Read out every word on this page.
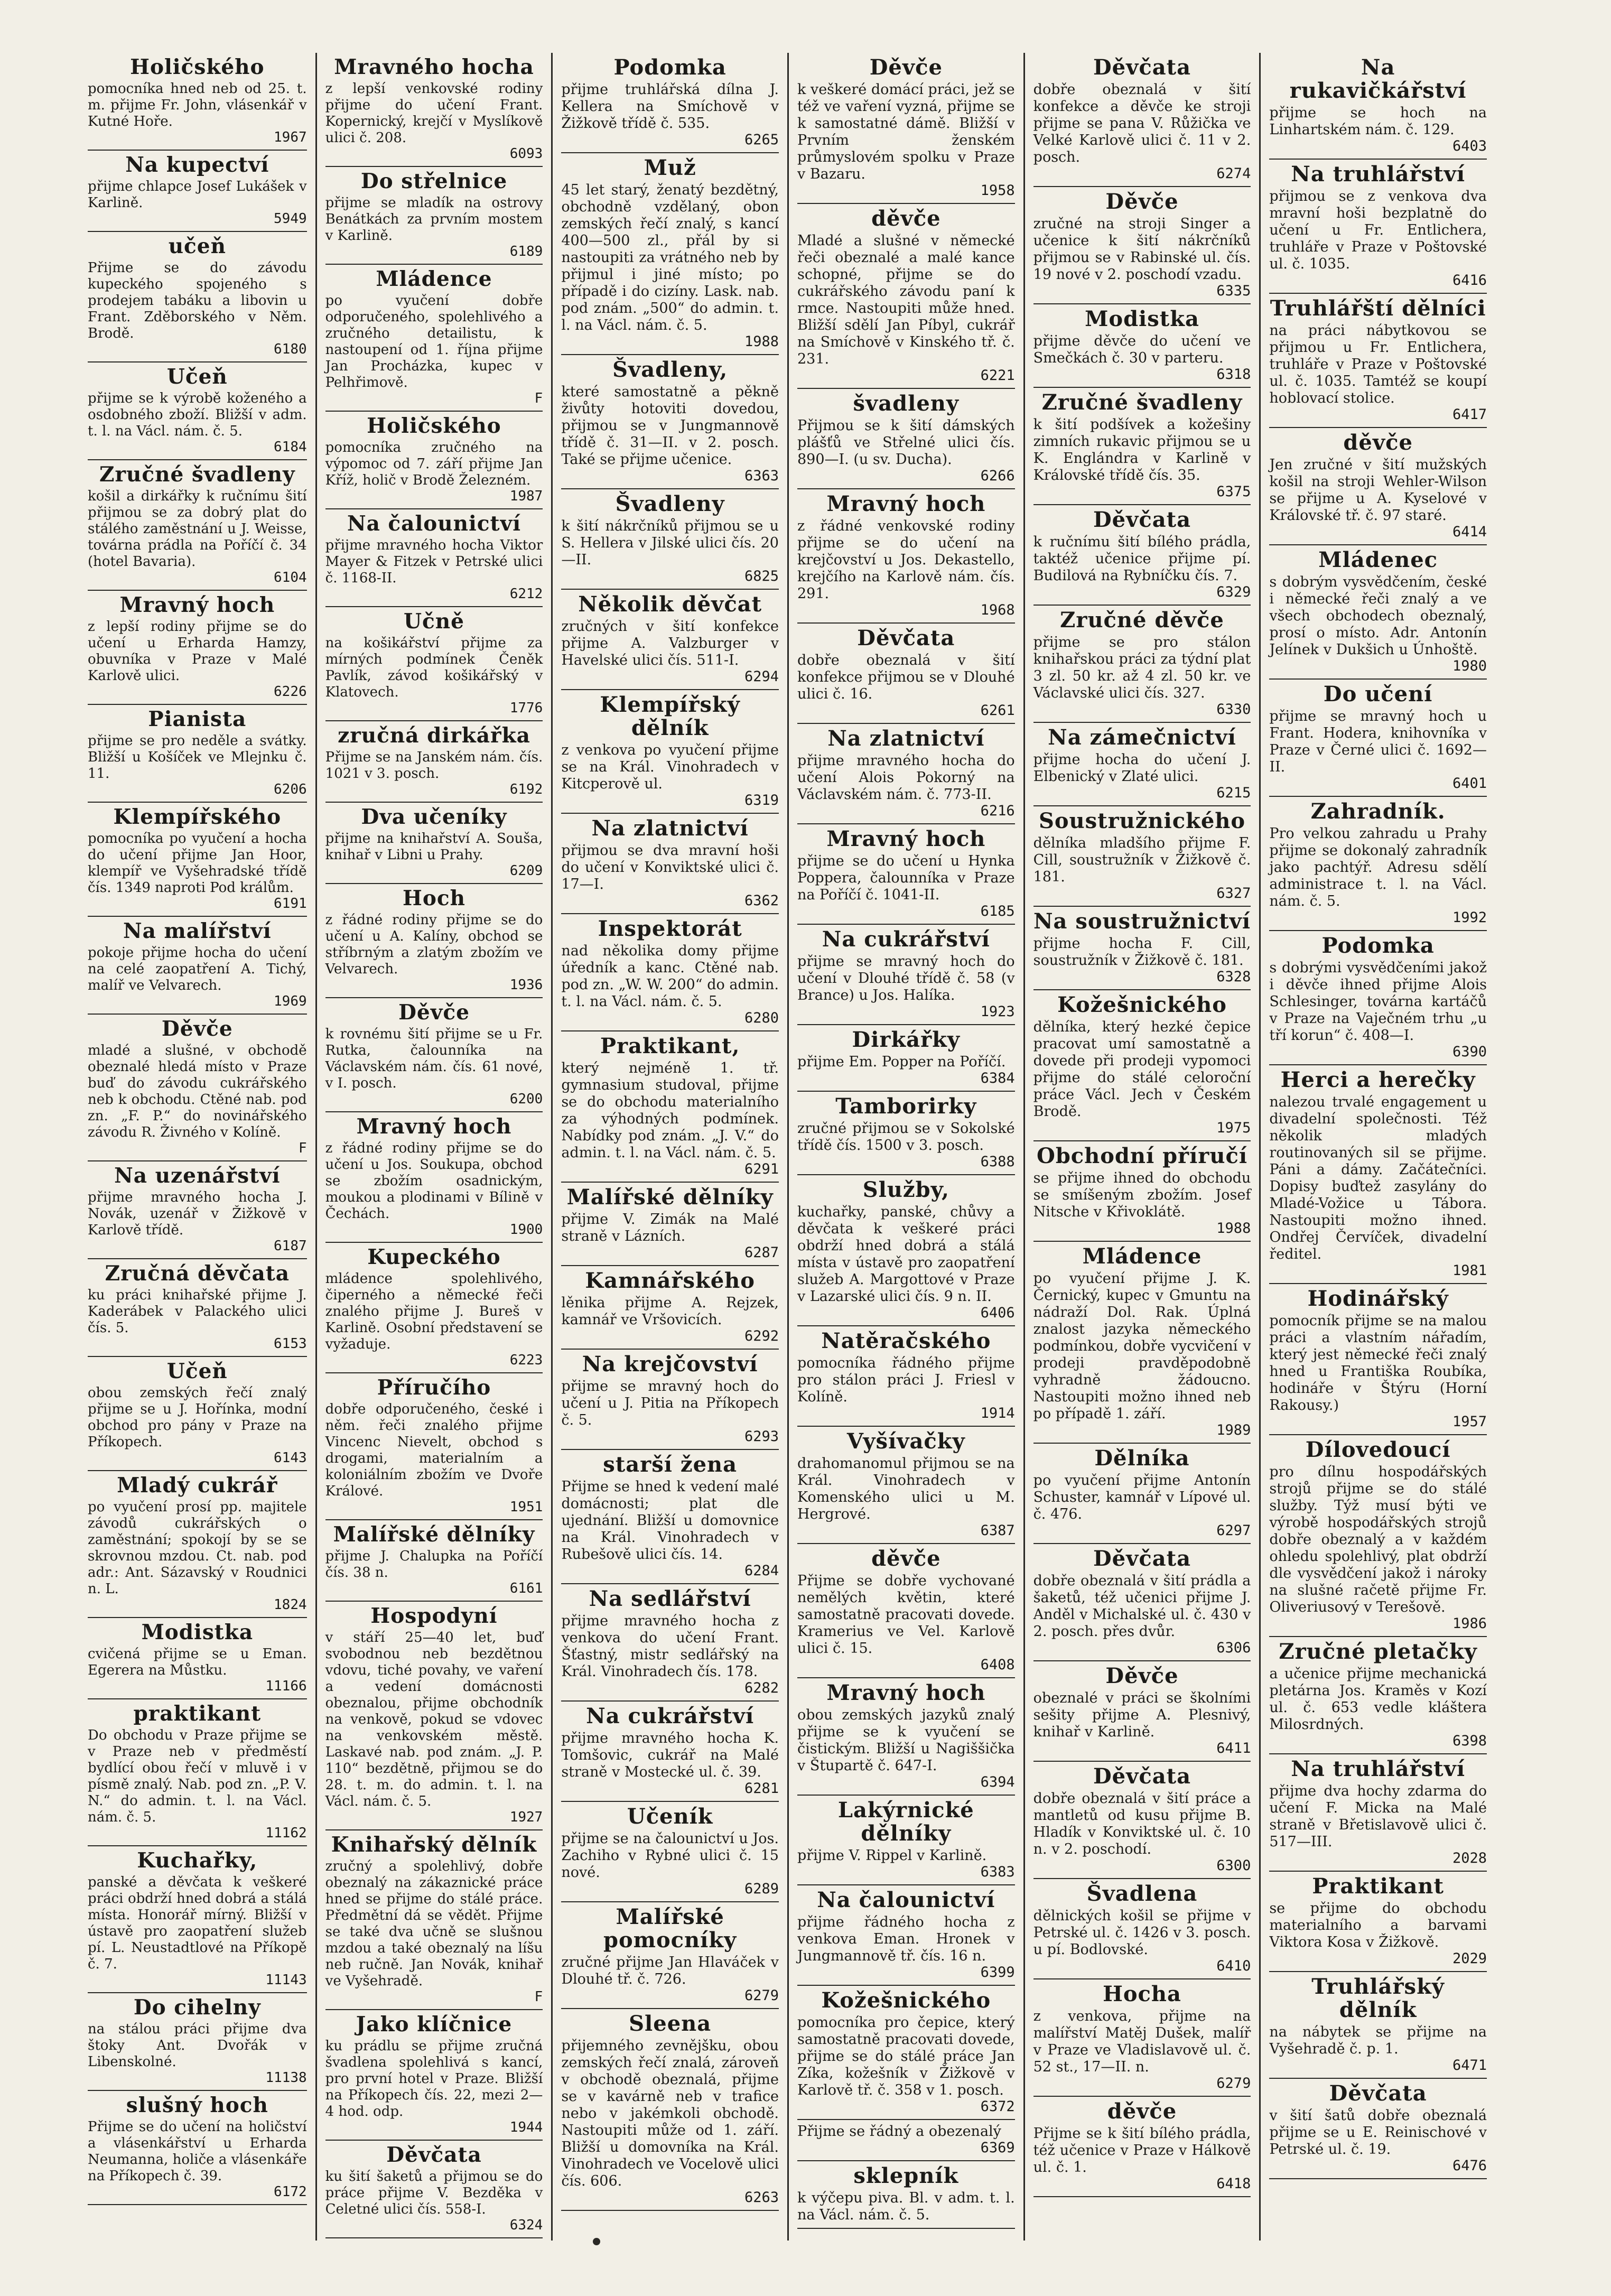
Holičského

pomocníka hned neb od 25. t. m. přijme Fr. John, vlásenkář v Kutné Hoře.

1967
Na kupectví

přijme chlapce Josef Lukášek v Karlině.

5949
učeň

Přijme se do závodu kupeckého spojeného s prodejem tabáku a libovin u Frant. Zděborského v Něm. Brodě.

6180
Učeň

přijme se k výrobě koženého a osdobného zboží. Bližší v adm. t. l. na Václ. nám. č. 5.

6184
Zručné švadleny

košil a dirkářky k ručnímu šití přijmou se za dobrý plat do stálého zaměstnání u J. Weisse, továrna prádla na Poříčí č. 34 (hotel Bavaria).

6104
Mravný hoch

z lepší rodiny přijme se do učení u Erharda Hamzy, obuvníka v Praze v Malé Karlově ulici.

6226
Pianista

přijme se pro neděle a svátky. Bližší u Košíček ve Mlejnku č. 11.

6206
Klempířského

pomocníka po vyučení a hocha do učení přijme Jan Hoor, klempíř ve Vyšehradské třídě čís. 1349 naproti Pod králům.

6191
Na malířství

pokoje přijme hocha do učení na celé zaopatření A. Tichý, malíř ve Velvarech.

1969
Děvče

mladé a slušné, v obchodě obeznalé hledá místo v Praze buď do závodu cukrářského neb k obchodu. Ctěné nab. pod zn. „F. P.“ do novinářského závodu R. Živného v Kolíně.

F
Na uzenářství

přijme mravného hocha J. Novák, uzenář v Žižkově v Karlově třídě.

6187
Zručná děvčata

ku práci knihařské přijme J. Kaderábek v Palackého ulici čís. 5.

6153
Učeň

obou zemských řečí znalý přijme se u J. Hořínka, modní obchod pro pány v Praze na Příkopech.

6143
Mladý cukrář

po vyučení prosí pp. majitele závodů cukrářských o zaměstnání; spokojí by se se skrovnou mzdou. Ct. nab. pod adr.: Ant. Sázavský v Roudnici n. L.

1824
Modistka

cvičená přijme se u Eman. Egerera na Můstku.

11166
praktikant

Do obchodu v Praze přijme se v Praze neb v předměstí bydlící obou řečí v mluvě i v písmě znalý. Nab. pod zn. „P. V. N.“ do admin. t. l. na Václ. nám. č. 5.

11162
Kuchařky,

panské a děvčata k veškeré práci obdrží hned dobrá a stálá místa. Honorář mírný. Bližší v ústavě pro zaopatření služeb pí. L. Neustadtlové na Příkopě č. 7.

11143
Do cihelny

na stálou práci přijme dva štoky Ant. Dvořák v Libenskolné.

11138
slušný hoch

Přijme se do učení na holičství a vlásenkářství u Erharda Neumanna, holiče a vlásenkáře na Příkopech č. 39.

6172
Mravného hocha

z lepší venkovské rodiny přijme do učení Frant. Kopernický, krejčí v Myslíkově ulici č. 208.

6093
Do střelnice

přijme se mladík na ostrovy Benátkách za prvním mostem v Karlině.

6189
Mládence

po vyučení dobře odporučeného, spolehlivého a zručného detailistu, k nastoupení od 1. října přijme Jan Procházka, kupec v Pelhřimově.

F
Holičského

pomocníka zručného na výpomoc od 7. září přijme Jan Kříž, holič v Brodě Železném.

1987
Na čalounictví

přijme mravného hocha Viktor Mayer & Fitzek v Petrské ulici č. 1168-II.

6212
Učně

na košikářství přijme za mírných podmínek Čeněk Pavlík, závod košikářský v Klatovech.

1776
zručná dirkářka

Přijme se na Janském nám. čís. 1021 v 3. posch.

6192
Dva učeníky

přijme na knihařství A. Souša, knihař v Libni u Prahy.

6209
Hoch

z řádné rodiny přijme se do učení u A. Kalíny, obchod se stříbrným a zlatým zbožím ve Velvarech.

1936
Děvče

k rovnému šití přijme se u Fr. Rutka, čalounníka na Václavském nám. čís. 61 nové, v I. posch.

6200
Mravný hoch

z řádné rodiny přijme se do učení u Jos. Soukupa, obchod se zbožím osadnickým, moukou a plodinami v Bílině v Čechách.

1900
Kupeckého

mládence spolehlivého, čiperného a německé řeči znalého přijme J. Bureš v Karlině. Osobní představení se vyžaduje.

6223
Příručího

dobře odporučeného, české i něm. řeči znalého přijme Vincenc Nievelt, obchod s drogami, materialním a koloniálním zbožím ve Dvoře Králové.

1951
Malířské dělníky

přijme J. Chalupka na Poříčí čís. 38 n.

6161
Hospodyní

v stáří 25—40 let, buď svobodnou neb bezdětnou vdovu, tiché povahy, ve vaření a vedení domácnosti obeznalou, přijme obchodník na venkově, pokud se vdovec na venkovském městě. Laskavé nab. pod znám. „J. P. 110“ bezdětně, přijmou se do 28. t. m. do admin. t. l. na Václ. nám. č. 5.

1927
Knihařský dělník

zručný a spolehlivý, dobře obeznalý na zákaznické práce hned se přijme do stálé práce. Předmětní dá se vědět. Přijme se také dva učně se slušnou mzdou a také obeznalý na líšu neb ručně. Jan Novák, knihař ve Vyšehradě.

F
Jako klíčnice

ku prádlu se přijme zručná švadlena spolehlivá s kancí, pro první hotel v Praze. Bližší na Příkopech čís. 22, mezi 2—4 hod. odp.

1944
Děvčata

ku šití šaketů a přijmou se do práce přijme V. Bezděka v Celetné ulici čís. 558-I.

6324
Podomka

přijme truhlářská dílna J. Kellera na Smíchově v Žižkově třídě č. 535.

6265
Muž

45 let starý, ženatý bezdětný, obchodně vzdělaný, obon zemských řečí znalý, s kancí 400—500 zl., přál by si nastoupiti za vrátného neb by přijmul i jiné místo; po případě i do cizíny. Lask. nab. pod znám. „500“ do admin. t. l. na Václ. nám. č. 5.

1988
Švadleny,

které samostatně a pěkně živůty hotoviti dovedou, přijmou se v Jungmannově třídě č. 31—II. v 2. posch. Také se přijme učenice.

6363
Švadleny

k šití nákrčníků přijmou se u S. Hellera v Jilské ulici čís. 20—II.

6825
Několik děvčat

zručných v šití konfekce přijme A. Valzburger v Havelské ulici čís. 511-I.

6294
Klempířský dělník

z venkova po vyučení přijme se na Král. Vinohradech v Kitcperově ul.

6319
Na zlatnictví

přijmou se dva mravní hoši do učení v Konviktské ulici č. 17—I.

6362
Inspektorát

nad několika domy přijme úředník a kanc. Ctěné nab. pod zn. „W. W. 200“ do admin. t. l. na Václ. nám. č. 5.

6280
Praktikant,

který nejméně 1. tř. gymnasium studoval, přijme se do obchodu materialního za výhodných podmínek. Nabídky pod znám. „J. V.“ do admin. t. l. na Václ. nám. č. 5.

6291
Malířské dělníky

přijme V. Zimák na Malé straně v Lázních.

6287
Kamnářského

lěnika přijme A. Rejzek, kamnář ve Vršovicích.

6292
Na krejčovství

přijme se mravný hoch do učení u J. Pitia na Příkopech č. 5.

6293
starší žena

Přijme se hned k vedení malé domácnosti; plat dle ujednání. Bližší u domovnice na Král. Vinohradech v Rubešově ulici čís. 14.

6284
Na sedlářství

přijme mravného hocha z venkova do učení Frant. Šťastný, mistr sedlářský na Král. Vinohradech čís. 178.

6282
Na cukrářství

přijme mravného hocha K. Tomšovic, cukrář na Malé straně v Mostecké ul. č. 39.

6281
Učeník

přijme se na čalounictví u Jos. Zachiho v Rybné ulici č. 15 nové.

6289
Malířské pomocníky

zručné přijme Jan Hlaváček v Dlouhé tř. č. 726.

6279
Sleena

přijemného zevnějšku, obou zemských řečí znalá, zároveň v obchodě obeznalá, přijme se v kavárně neb v trafice nebo v jakémkoli obchodě. Nastoupiti může od 1. září. Bližší u domovníka na Král. Vinohradech ve Vocelově ulici čís. 606.

6263
Děvče

k veškeré domácí práci, jež se též ve vaření vyzná, přijme se k samostatné dámě. Bližší v Prvním ženském průmyslovém spolku v Praze v Bazaru.

1958
děvče

Mladé a slušné v německé řeči obeznalé a malé kance schopné, přijme se do cukrářského závodu paní k rmce. Nastoupiti může hned. Bližší sdělí Jan Píbyl, cukrář na Smíchově v Kinského tř. č. 231.

6221
švadleny

Přijmou se k šití dámských plášťů ve Střelné ulici čís. 890—I. (u sv. Ducha).

6266
Mravný hoch

z řádné venkovské rodiny přijme se do učení na krejčovství u Jos. Dekastello, krejčího na Karlově nám. čís. 291.

1968
Děvčata

dobře obeznalá v šití konfekce přijmou se v Dlouhé ulici č. 16.

6261
Na zlatnictví

přijme mravného hocha do učení Alois Pokorný na Václavském nám. č. 773-II.

6216
Mravný hoch

přijme se do učení u Hynka Poppera, čalounníka v Praze na Poříčí č. 1041-II.

6185
Na cukrářství

přijme se mravný hoch do učení v Dlouhé třídě č. 58 (v Brance) u Jos. Halíka.

1923
Dirkářky

přijme Em. Popper na Poříčí.

6384
Tamborirky

zručné přijmou se v Sokolské třídě čís. 1500 v 3. posch.

6388
Služby,

kuchařky, panské, chůvy a děvčata k veškeré práci obdrží hned dobrá a stálá místa v ústavě pro zaopatření služeb A. Margottové v Praze v Lazarské ulici čís. 9 n. II.

6406
Natěračského

pomocníka řádného přijme pro stálon práci J. Friesl v Kolíně.

1914
Vyšívačky

drahomanomul přijmou se na Král. Vinohradech v Komenského ulici u M. Hergrové.

6387
děvče

Přijme se dobře vychované nemělých květin, které samostatně pracovati dovede. Kramerius ve Vel. Karlově ulici č. 15.

6408
Mravný hoch

obou zemských jazyků znalý přijme se k vyučení se čistickým. Bližší u Nagiššička v Štupartě č. 647-I.

6394
Lakýrnické dělníky

přijme V. Rippel v Karlině.

6383
Na čalounictví

přijme řádného hocha z venkova Eman. Hronek v Jungmannově tř. čís. 16 n.

6399
Kožešnického

pomocníka pro čepice, který samostatně pracovati dovede, přijme se do stálé práce Jan Zíka, kožešník v Žižkově v Karlově tř. č. 358 v 1. posch.

6372

Přijme se řádný a obezenalý

6369
sklepník

k výčepu piva. Bl. v adm. t. l. na Václ. nám. č. 5.

Děvčata

dobře obeznalá v šití konfekce a děvče ke stroji přijme se pana V. Růžička ve Velké Karlově ulici č. 11 v 2. posch.

6274
Děvče

zručné na stroji Singer a učenice k šití nákrčníků přijmou se v Rabinské ul. čís. 19 nové v 2. poschodí vzadu.

6335
Modistka

přijme děvče do učení ve Smečkách č. 30 v parteru.

6318
Zručné švadleny

k šití podšívek a kožešiny zimních rukavic přijmou se u K. Englándra v Karlině v Královské třídě čís. 35.

6375
Děvčata

k ručnímu šití bílého prádla, taktéž učenice přijme pí. Budilová na Rybníčku čís. 7.

6329
Zručné děvče

přijme se pro stálon knihařskou práci za týdní plat 3 zl. 50 kr. až 4 zl. 50 kr. ve Václavské ulici čís. 327.

6330
Na zámečnictví

přijme hocha do učení J. Elbenický v Zlaté ulici.

6215
Soustružnického

dělníka mladšího přijme F. Cill, soustružník v Žižkově č. 181.

6327
Na soustružnictví

přijme hocha F. Cill, soustružník v Žižkově č. 181.

6328
Kožešnického

dělníka, který hezké čepice pracovat umí samostatně a dovede při prodeji vypomoci přijme do stálé celoroční práce Václ. Jech v Českém Brodě.

1975
Obchodní příručí

se přijme ihned do obchodu se smíšeným zbožím. Josef Nitsche v Křivoklátě.

1988
Mládence

po vyučení přijme J. K. Černický, kupec v Gmuntu na nádraží Dol. Rak. Úplná znalost jazyka německého podmínkou, dobře vycvičení v prodeji pravděpodobně vyhradně žádoucno. Nastoupiti možno ihned neb po případě 1. září.

1989
Dělníka

po vyučení přijme Antonín Schuster, kamnář v Lípové ul. č. 476.

6297
Děvčata

dobře obeznalá v šití prádla a šaketů, též učenici přijme J. Anděl v Michalské ul. č. 430 v 2. posch. přes dvůr.

6306
Děvče

obeznalé v práci se školními sešity přijme A. Plesnivý, knihař v Karlině.

6411
Děvčata

dobře obeznalá v šití práce a mantletů od kusu přijme B. Hladík v Konviktské ul. č. 10 n. v 2. poschodí.

6300
Švadlena

dělnických košil se přijme v Petrské ul. č. 1426 v 3. posch. u pí. Bodlovské.

6410
Hocha

z venkova, přijme na malířství Matěj Dušek, malíř v Praze ve Vladislavově ul. č. 52 st., 17—II. n.

6279
děvče

Přijme se k šití bílého prádla, též učenice v Praze v Hálkově ul. č. 1.

6418
Na rukavičkářství

přijme se hoch na Linhartském nám. č. 129.

6403
Na truhlářství

přijmou se z venkova dva mravní hoši bezplatně do učení u Fr. Entlichera, truhláře v Praze v Poštovské ul. č. 1035.

6416
Truhlářští dělníci

na práci nábytkovou se přijmou u Fr. Entlichera, truhláře v Praze v Poštovské ul. č. 1035. Tamtéž se koupí hoblovací stolice.

6417
děvče

Jen zručné v šití mužských košil na stroji Wehler-Wilson se přijme u A. Kyselové v Královské tř. č. 97 staré.

6414
Mládenec

s dobrým vysvědčením, české i německé řeči znalý a ve všech obchodech obeznalý, prosí o místo. Adr. Antonín Jelínek v Dukšich u Únhoště.

1980
Do učení

přijme se mravný hoch u Frant. Hodera, knihovníka v Praze v Černé ulici č. 1692—II.

6401
Zahradník.

Pro velkou zahradu u Prahy přijme se dokonalý zahradník jako pachtýř. Adresu sdělí administrace t. l. na Václ. nám. č. 5.

1992
Podomka

s dobrými vysvědčeními jakož i děvče ihned přijme Alois Schlesinger, továrna kartáčů v Praze na Vaječném trhu „u tří korun“ č. 408—I.

6390
Herci a herečky

nalezou trvalé engagement u divadelní společnosti. Též několik mladých routinovaných sil se přijme. Páni a dámy. Začátečníci. Dopisy buďtež zasylány do Mladé-Vožice u Tábora. Nastoupiti možno ihned. Ondřej Červíček, divadelní ředitel.

1981
Hodinářský

pomocník přijme se na malou práci a vlastním nářadím, který jest německé řeči znalý hned u Františka Roubíka, hodináře v Štýru (Horní Rakousy.)

1957
Dílovedoucí

pro dílnu hospodářských strojů přijme se do stálé služby. Týž musí býti ve výrobě hospodářských strojů dobře obeznalý a v každém ohledu spolehlivý, plat obdrží dle vysvědčení jakož i nároky na slušné račetě přijme Fr. Oliveriusový v Terešově.

1986
Zručné pletačky

a učenice přijme mechanická pletárna Jos. Kraměs v Kozí ul. č. 653 vedle kláštera Milosrdných.

6398
Na truhlářství

přijme dva hochy zdarma do učení F. Micka na Malé straně v Břetislavově ulici č. 517—III.

2028
Praktikant

se přijme do obchodu materialního a barvami Viktora Kosa v Žižkově.

2029
Truhlářský dělník

na nábytek se přijme na Vyšehradě č. p. 1.

6471
Děvčata

v šití šatů dobře obeznalá přijme se u E. Reinischové v Petrské ul. č. 19.

6476
